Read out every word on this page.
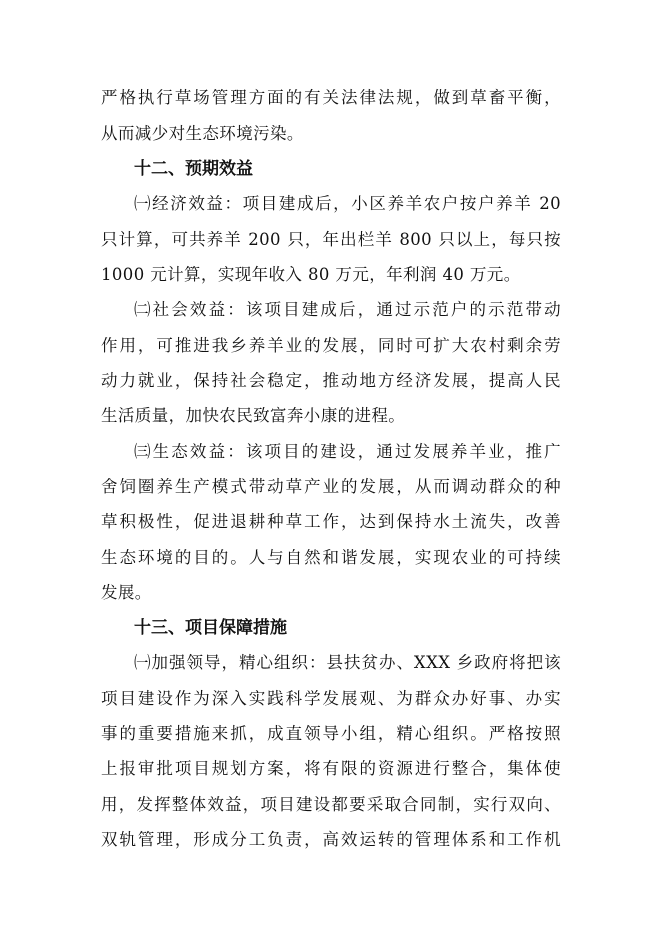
严格执行草场管理方面的有关法律法规，做到草畜平衡，
从而减少对生态环境污染。
十二、预期效益
㈠经济效益：项目建成后，小区养羊农户按户养羊 20
只计算，可共养羊 200 只，年出栏羊 800 只以上，每只按
1000 元计算，实现年收入 80 万元，年利润 40 万元。
㈡社会效益：该项目建成后，通过示范户的示范带动
作用，可推进我乡养羊业的发展，同时可扩大农村剩余劳
动力就业，保持社会稳定，推动地方经济发展，提高人民
生活质量，加快农民致富奔小康的进程。
㈢生态效益：该项目的建设，通过发展养羊业，推广
舍饲圈养生产模式带动草产业的发展，从而调动群众的种
草积极性，促进退耕种草工作，达到保持水土流失，改善
生态环境的目的。人与自然和谐发展，实现农业的可持续
发展。
十三、项目保障措施
㈠加强领导，精心组织：县扶贫办、XXX 乡政府将把该
项目建设作为深入实践科学发展观、为群众办好事、办实
事的重要措施来抓，成直领导小组，精心组织。严格按照
上报审批项目规划方案，将有限的资源进行整合，集体使
用，发挥整体效益，项目建设都要采取合同制，实行双向、
双轨管理，形成分工负责，高效运转的管理体系和工作机
